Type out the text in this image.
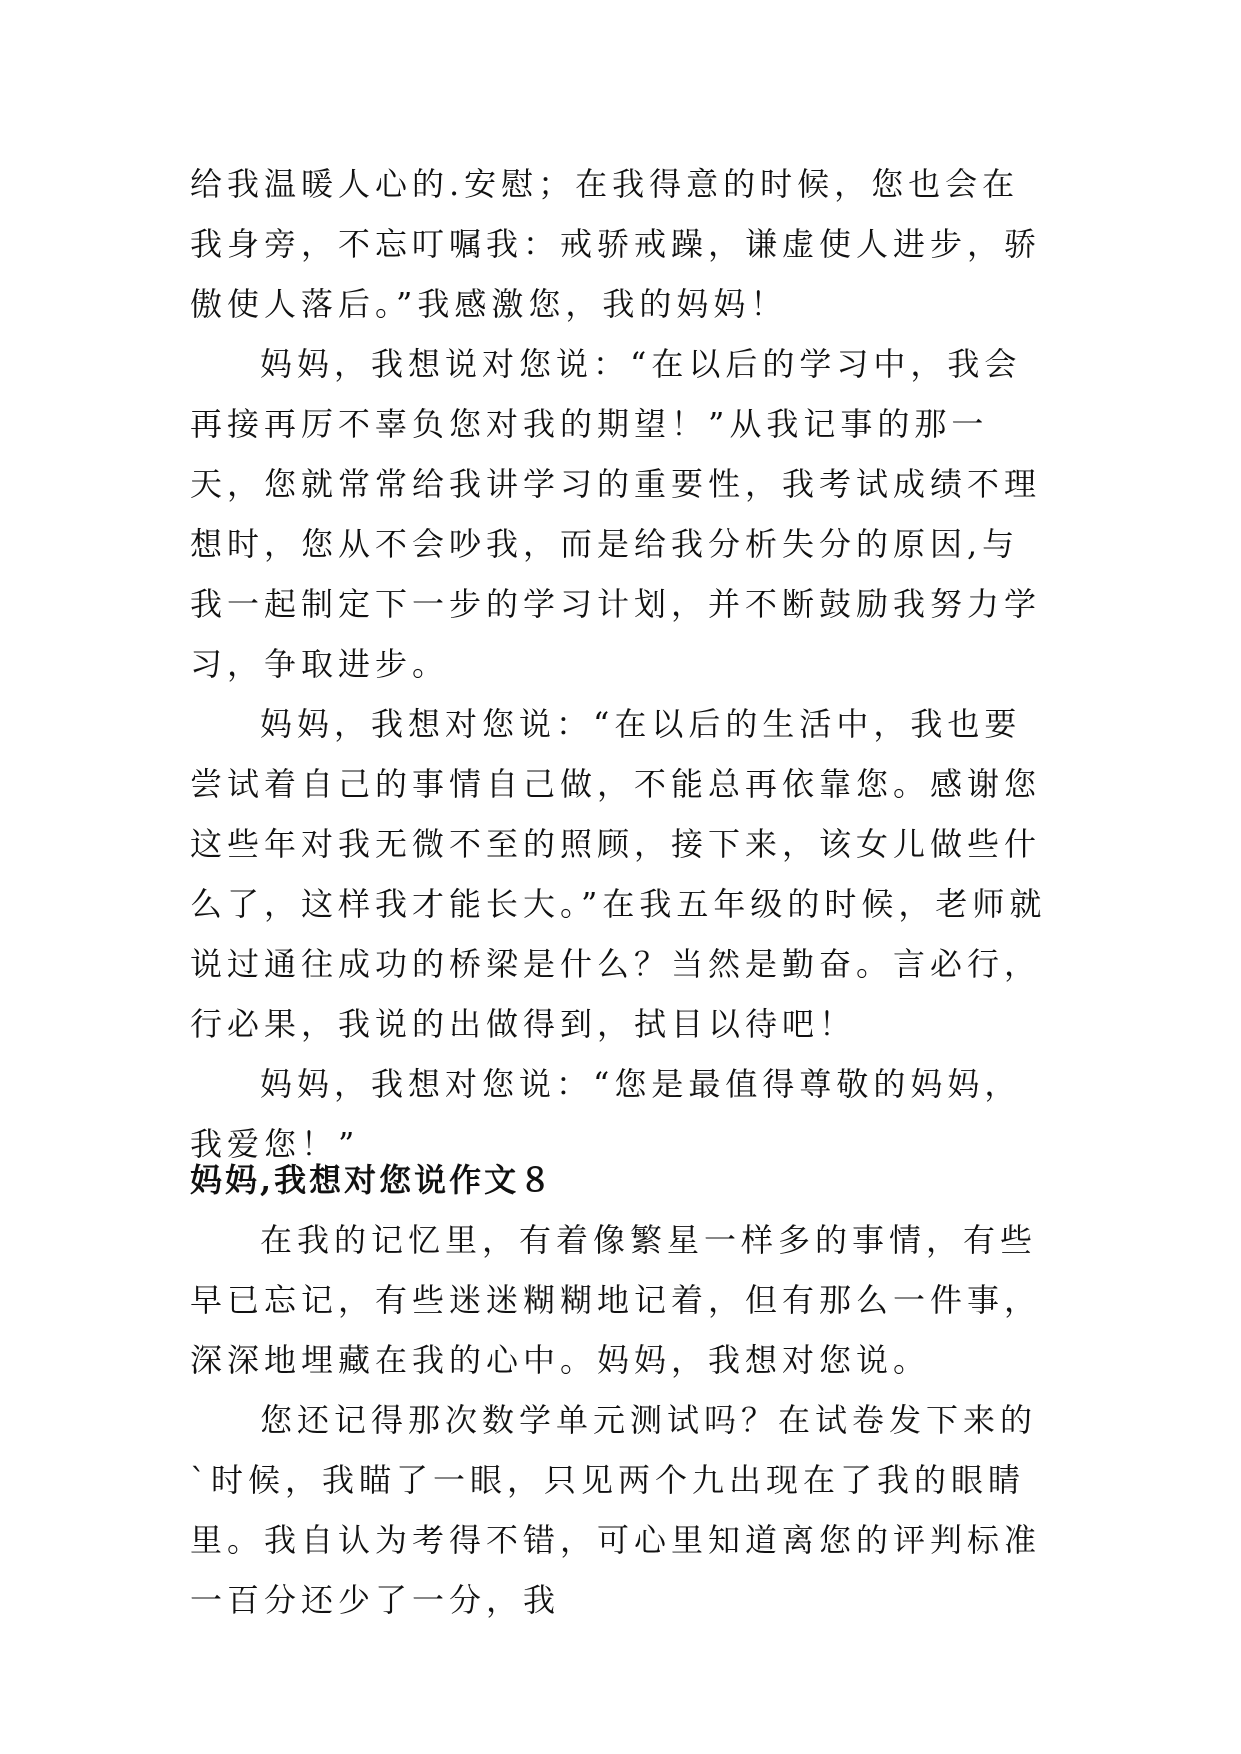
给我温暖人心的.安慰；在我得意的时候，您也会在我身旁，不忘叮嘱我：戒骄戒躁，谦虚使人进步，骄傲使人落后。”我感激您，我的妈妈！

妈妈，我想说对您说：“在以后的学习中，我会再接再厉不辜负您对我的期望！”从我记事的那一天，您就常常给我讲学习的重要性，我考试成绩不理想时，您从不会吵我，而是给我分析失分的原因,与我一起制定下一步的学习计划，并不断鼓励我努力学习，争取进步。

妈妈，我想对您说：“在以后的生活中，我也要尝试着自己的事情自己做，不能总再依靠您。感谢您这些年对我无微不至的照顾，接下来，该女儿做些什么了，这样我才能长大。”在我五年级的时候，老师就说过通往成功的桥梁是什么？当然是勤奋。言必行，行必果，我说的出做得到，拭目以待吧！

妈妈，我想对您说：“您是最值得尊敬的妈妈，我爱您！”

妈妈,我想对您说作文８

在我的记忆里，有着像繁星一样多的事情，有些早已忘记，有些迷迷糊糊地记着，但有那么一件事，深深地埋藏在我的心中。妈妈，我想对您说。

您还记得那次数学单元测试吗？在试卷发下来的`时候，我瞄了一眼，只见两个九出现在了我的眼睛里。我自认为考得不错，可心里知道离您的评判标准一百分还少了一分，我
